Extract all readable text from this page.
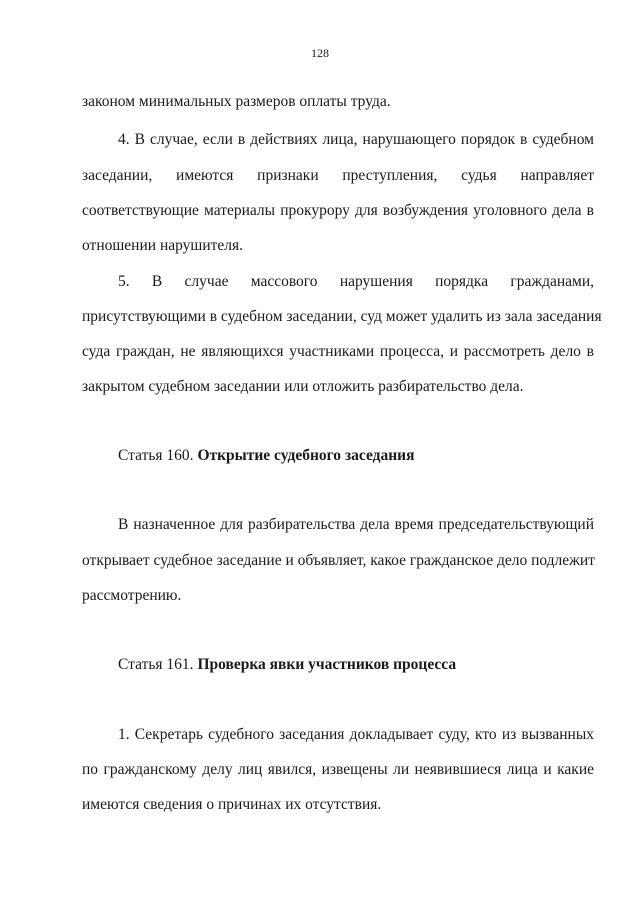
128
законом минимальных размеров оплаты труда.
4. В случае, если в действиях лица, нарушающего порядок в судебном
заседании, имеются признаки преступления, судья направляет
соответствующие материалы прокурору для возбуждения уголовного дела в
отношении нарушителя.
5. В случае массового нарушения порядка гражданами,
присутствующими в судебном заседании, суд может удалить из зала заседания
суда граждан, не являющихся участниками процесса, и рассмотреть дело в
закрытом судебном заседании или отложить разбирательство дела.
Статья 160. Открытие судебного заседания
В назначенное для разбирательства дела время председательствующий
открывает судебное заседание и объявляет, какое гражданское дело подлежит
рассмотрению.
Статья 161. Проверка явки участников процесса
1. Секретарь судебного заседания докладывает суду, кто из вызванных
по гражданскому делу лиц явился, извещены ли неявившиеся лица и какие
имеются сведения о причинах их отсутствия.
